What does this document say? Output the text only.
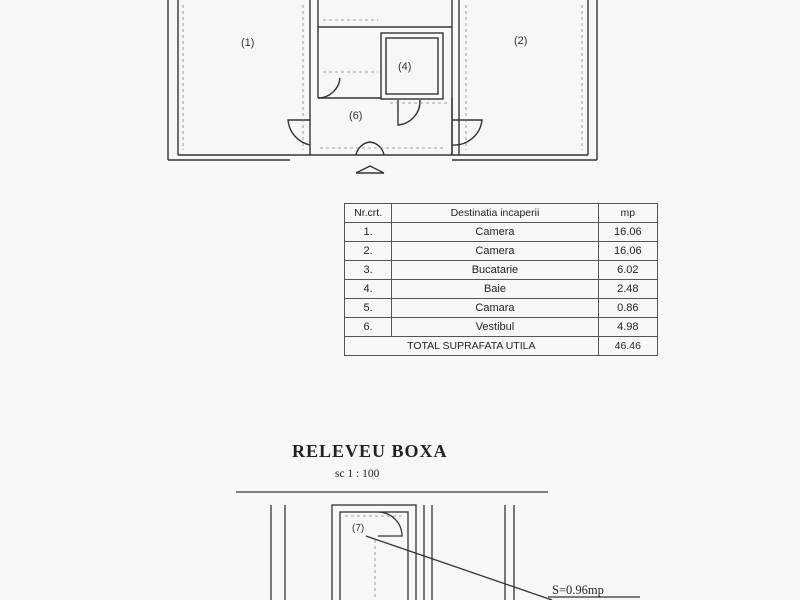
(1)	(2)
(4)
(6)
Nr.crt.	Destinatia incaperii	mp
1.	Camera	16.06
2.	Camera	16.06
3.	Bucatarie	6.02
4.	Baie	2.48
5.	Camara	0.86
6.	Vestibul	4.98
TOTAL SUPRAFATA UTILA		46.46
RELEVEU BOXA
sc 1 : 100
(7)
S=0.96mp
